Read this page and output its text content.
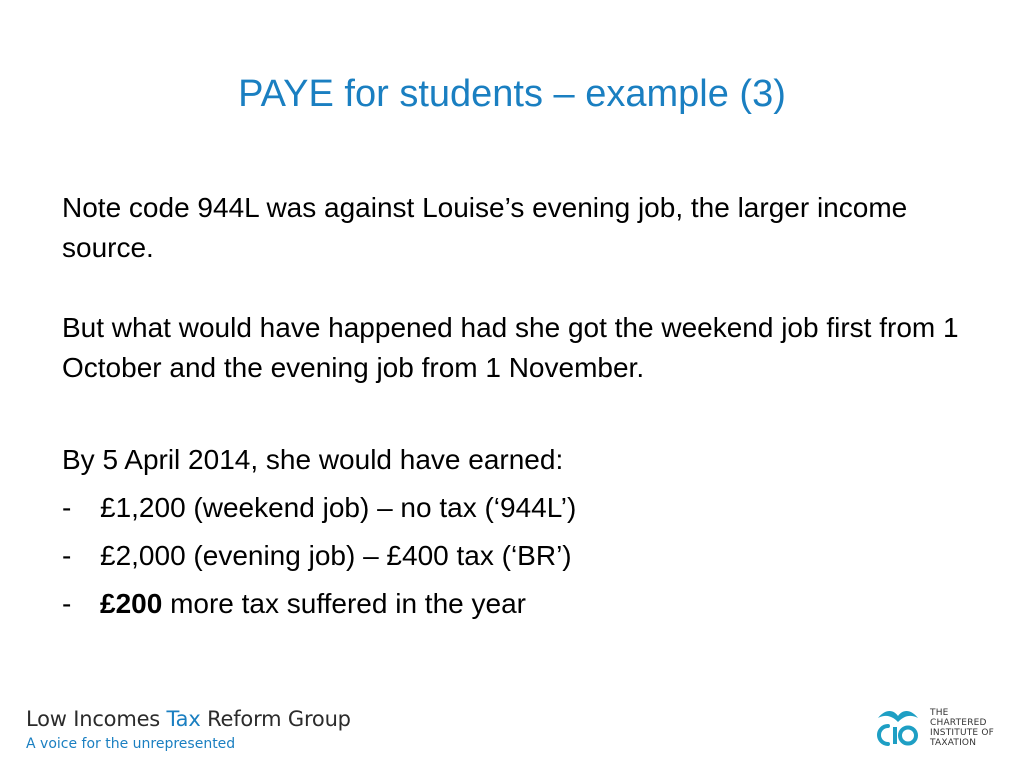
PAYE for students – example (3)

Note code 944L was against Louise’s evening job, the larger income source.

But what would have happened had she got the weekend job first from 1 October and the evening job from 1 November.

By 5 April 2014, she would have earned:

-	£1,200 (weekend job) – no tax (‘944L’)
-	£2,000 (evening job) – £400 tax (‘BR’)
-	£200 more tax suffered in the year
Low Incomes Tax Reform Group
A voice for the unrepresented
THE
CHARTERED
INSTITUTE OF
TAXATION
